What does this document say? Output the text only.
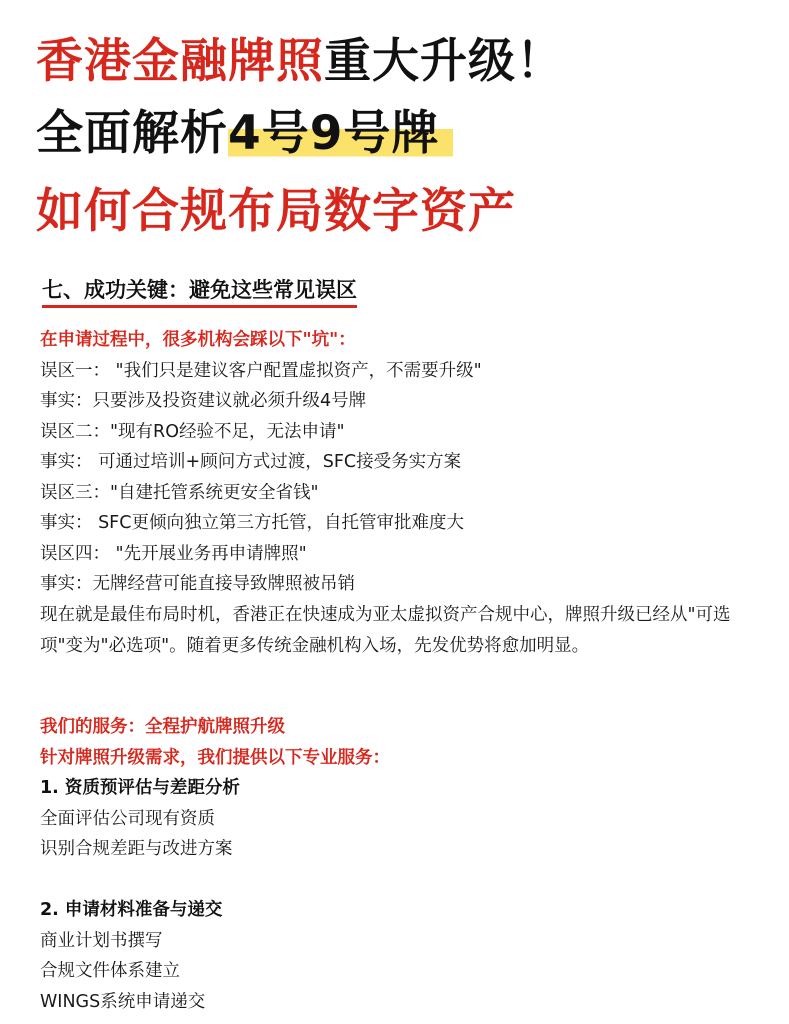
香港金融牌照重大升级！
全面解析4号9号牌
如何合规布局数字资产
七、成功关键：避免这些常见误区
在申请过程中，很多机构会踩以下"坑"：
误区一： "我们只是建议客户配置虚拟资产，不需要升级"
事实：只要涉及投资建议就必须升级4号牌
误区二："现有RO经验不足，无法申请"
事实： 可通过培训+顾问方式过渡，SFC接受务实方案
误区三："自建托管系统更安全省钱"
事实： SFC更倾向独立第三方托管，自托管审批难度大
误区四： "先开展业务再申请牌照"
事实：无牌经营可能直接导致牌照被吊销
现在就是最佳布局时机，香港正在快速成为亚太虚拟资产合规中心，牌照升级已经从"可选项"变为"必选项"。随着更多传统金融机构入场，先发优势将愈加明显。
我们的服务：全程护航牌照升级
针对牌照升级需求，我们提供以下专业服务：
1. 资质预评估与差距分析
全面评估公司现有资质
识别合规差距与改进方案
2. 申请材料准备与递交
商业计划书撰写
合规文件体系建立
WINGS系统申请递交
